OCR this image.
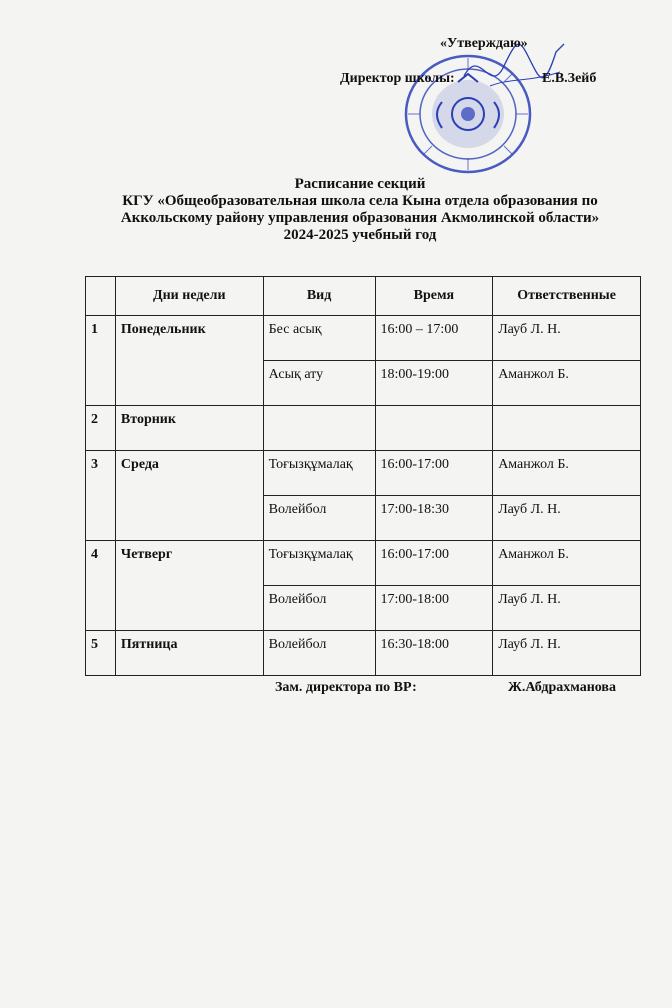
«Утверждаю»
Директор школы:	Е.В.Зейб
Расписание секций
КГУ «Общеобразовательная школа села Кына отдела образования по
Аккольскому району управления образования Акмолинской области»
2024-2025 учебный год
	Дни недели	Вид	Время	Ответственные
1	Понедельник	Бес асық	16:00 – 17:00	Лауб Л. Н.
		Асық ату	18:00-19:00	Аманжол Б.
2	Вторник			
3	Среда	Тоғызқұмалақ	16:00-17:00	Аманжол Б.
		Волейбол	17:00-18:30	Лауб Л. Н.
4	Четверг	Тоғызқұмалақ	16:00-17:00	Аманжол Б.
		Волейбол	17:00-18:00	Лауб Л. Н.
5	Пятница	Волейбол	16:30-18:00	Лауб Л. Н.
Зам. директора по ВР:	Ж.Абдрахманова
